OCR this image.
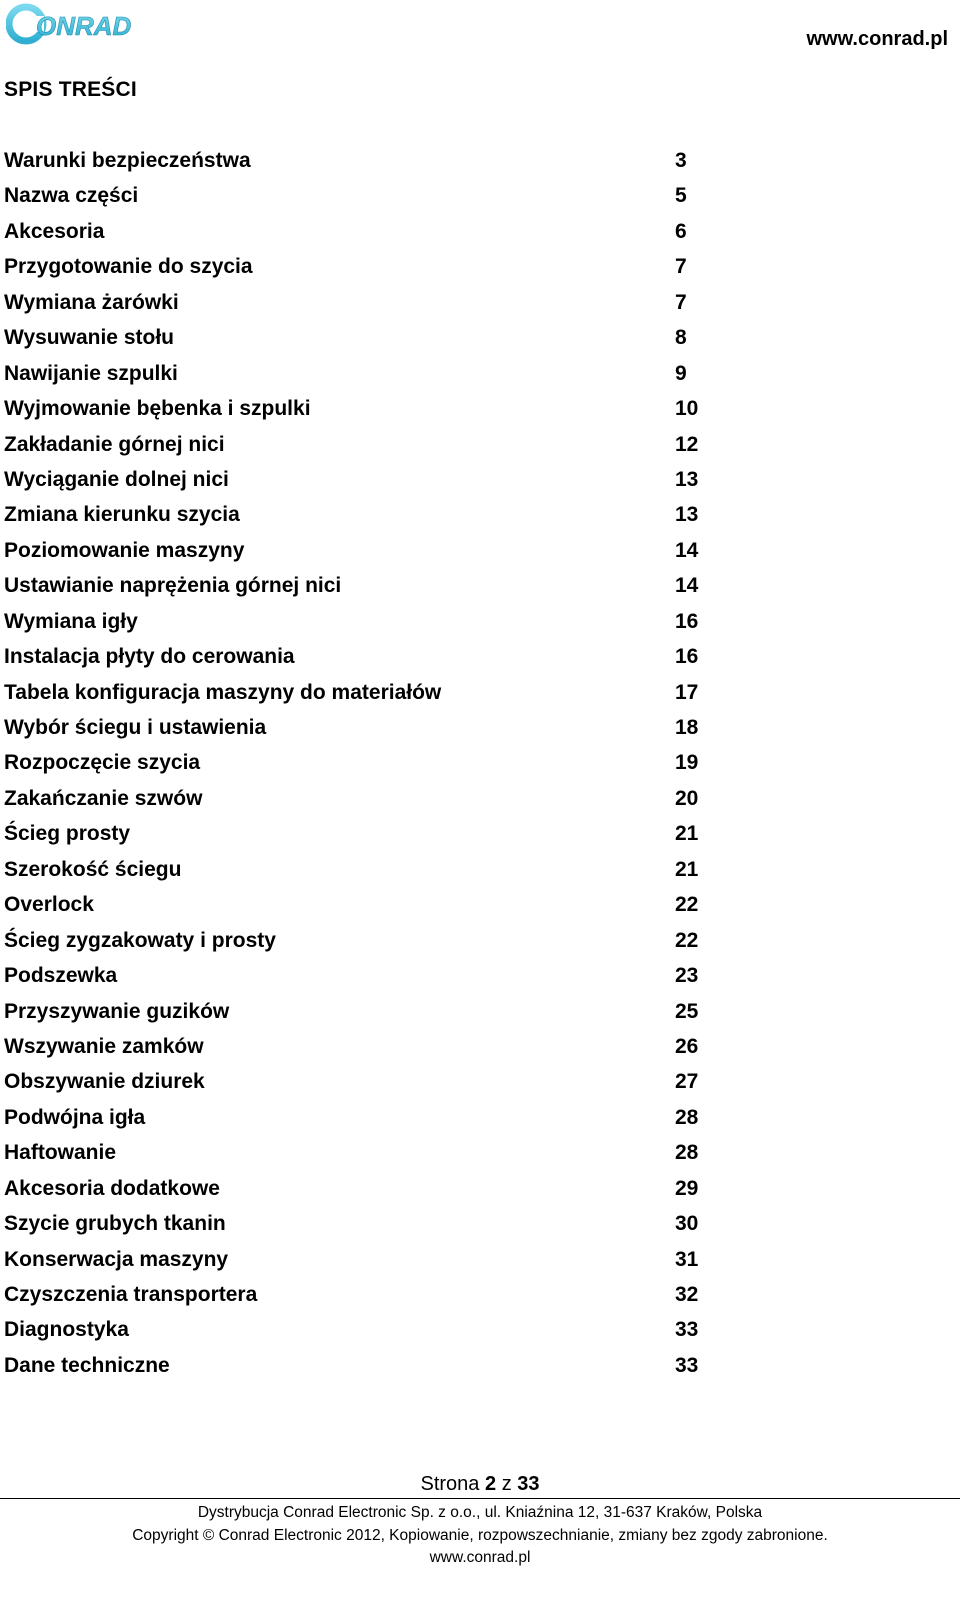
ONRAD	www.conrad.pl
SPIS TREŚCI
Warunki bezpieczeństwa	3
Nazwa części	5
Akcesoria	6
Przygotowanie do szycia	7
Wymiana żarówki	7
Wysuwanie stołu	8
Nawijanie szpulki	9
Wyjmowanie bębenka i szpulki	10
Zakładanie górnej nici	12
Wyciąganie dolnej nici	13
Zmiana kierunku szycia	13
Poziomowanie maszyny	14
Ustawianie naprężenia górnej nici	14
Wymiana igły	16
Instalacja płyty do cerowania	16
Tabela konfiguracja maszyny do materiałów	17
Wybór ściegu i ustawienia	18
Rozpoczęcie szycia	19
Zakańczanie szwów	20
Ścieg prosty	21
Szerokość ściegu	21
Overlock	22
Ścieg zygzakowaty i prosty	22
Podszewka	23
Przyszywanie guzików	25
Wszywanie zamków	26
Obszywanie dziurek	27
Podwójna igła	28
Haftowanie	28
Akcesoria dodatkowe	29
Szycie grubych tkanin	30
Konserwacja maszyny	31
Czyszczenia transportera	32
Diagnostyka	33
Dane techniczne	33
Strona 2 z 33
Dystrybucja Conrad Electronic Sp. z o.o., ul. Kniaźnina 12, 31-637 Kraków, Polska
Copyright © Conrad Electronic 2012, Kopiowanie, rozpowszechnianie, zmiany bez zgody zabronione.
www.conrad.pl
